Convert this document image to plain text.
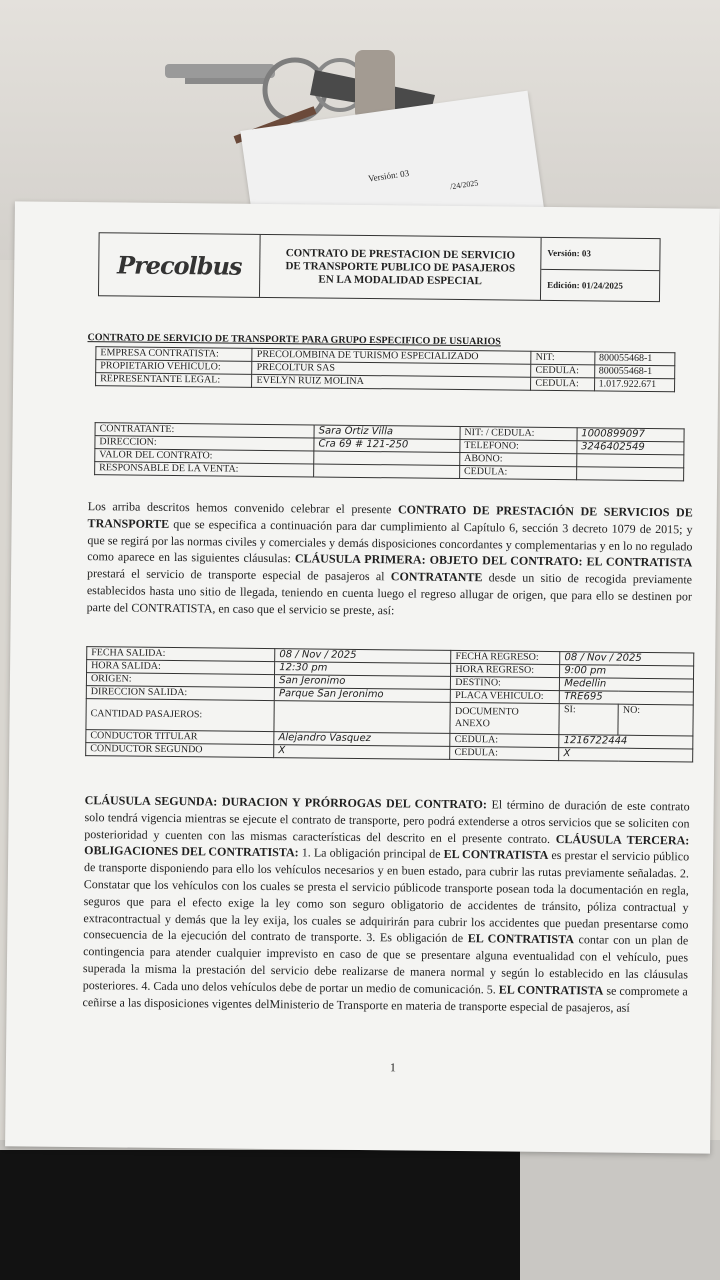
Versión: 03
/24/2025
Precolbus	CONTRATO DE PRESTACION DE SERVICIO
DE TRANSPORTE PUBLICO DE PASAJEROS
EN LA MODALIDAD ESPECIAL
Versión: 03
Edición: 01/24/2025
CONTRATO DE SERVICIO DE TRANSPORTE PARA GRUPO ESPECIFICO DE USUARIOS
EMPRESA CONTRATISTA:	PRECOLOMBINA DE TURISMO ESPECIALIZADO	NIT:	800055468-1
PROPIETARIO VEHICULO:	PRECOLTUR SAS	CEDULA:	800055468-1
REPRESENTANTE LEGAL:	EVELYN RUIZ MOLINA	CEDULA:	1.017.922.671
CONTRATANTE:	Sara Ortiz Villa	NIT: / CEDULA:	1000899097
DIRECCION:	Cra 69 # 121-250	TELEFONO:	3246402549
VALOR DEL CONTRATO:		ABONO:	
RESPONSABLE DE LA VENTA:		CEDULA:	
Los arriba descritos hemos convenido celebrar el presente CONTRATO DE PRESTACIÓN DE SERVICIOS DE TRANSPORTE que se especifica a continuación para dar cumplimiento al Capítulo 6, sección 3 decreto 1079 de 2015; y que se regirá por las normas civiles y comerciales y demás disposiciones concordantes y complementarias y en lo no regulado como aparece en las siguientes cláusulas: CLÁUSULA PRIMERA: OBJETO DEL CONTRATO: EL CONTRATISTA prestará el servicio de transporte especial de pasajeros al CONTRATANTE desde un sitio de recogida previamente establecidos hasta uno sitio de llegada, teniendo en cuenta luego el regreso allugar de origen, que para ello se destinen por parte del CONTRATISTA, en caso que el servicio se preste, así:
FECHA SALIDA:	08 / Nov / 2025	FECHA REGRESO:	08 / Nov / 2025	
HORA SALIDA:	12:30 pm	HORA REGRESO:	9:00 pm	
ORIGEN:	San Jeronimo	DESTINO:	Medellin	
DIRECCION SALIDA:	Parque San Jeronimo	PLACA VEHICULO:	TRE695	
CANTIDAD PASAJEROS:		DOCUMENTO ANEXO	SI:	NO:
CONDUCTOR TITULAR	Alejandro Vasquez	CEDULA:	1216722444	
CONDUCTOR SEGUNDO	X	CEDULA:	X	
CLÁUSULA SEGUNDA: DURACION Y PRÓRROGAS DEL CONTRATO: El término de duración de este contrato solo tendrá vigencia mientras se ejecute el contrato de transporte, pero podrá extenderse a otros servicios que se soliciten con posterioridad y cuenten con las mismas características del descrito en el presente contrato. CLÁUSULA TERCERA: OBLIGACIONES DEL CONTRATISTA: 1. La obligación principal de EL CONTRATISTA es prestar el servicio público de transporte disponiendo para ello los vehículos necesarios y en buen estado, para cubrir las rutas previamente señaladas. 2. Constatar que los vehículos con los cuales se presta el servicio públicode transporte posean toda la documentación en regla, seguros que para el efecto exige la ley como son seguro obligatorio de accidentes de tránsito, póliza contractual y extracontractual y demás que la ley exija, los cuales se adquirirán para cubrir los accidentes que puedan presentarse como consecuencia de la ejecución del contrato de transporte. 3. Es obligación de EL CONTRATISTA contar con un plan de contingencia para atender cualquier imprevisto en caso de que se presentare alguna eventualidad con el vehículo, pues superada la misma la prestación del servicio debe realizarse de manera normal y según lo establecido en las cláusulas posteriores. 4. Cada uno delos vehículos debe de portar un medio de comunicación. 5. EL CONTRATISTA se compromete a ceñirse a las disposiciones vigentes delMinisterio de Transporte en materia de transporte especial de pasajeros, así
1
